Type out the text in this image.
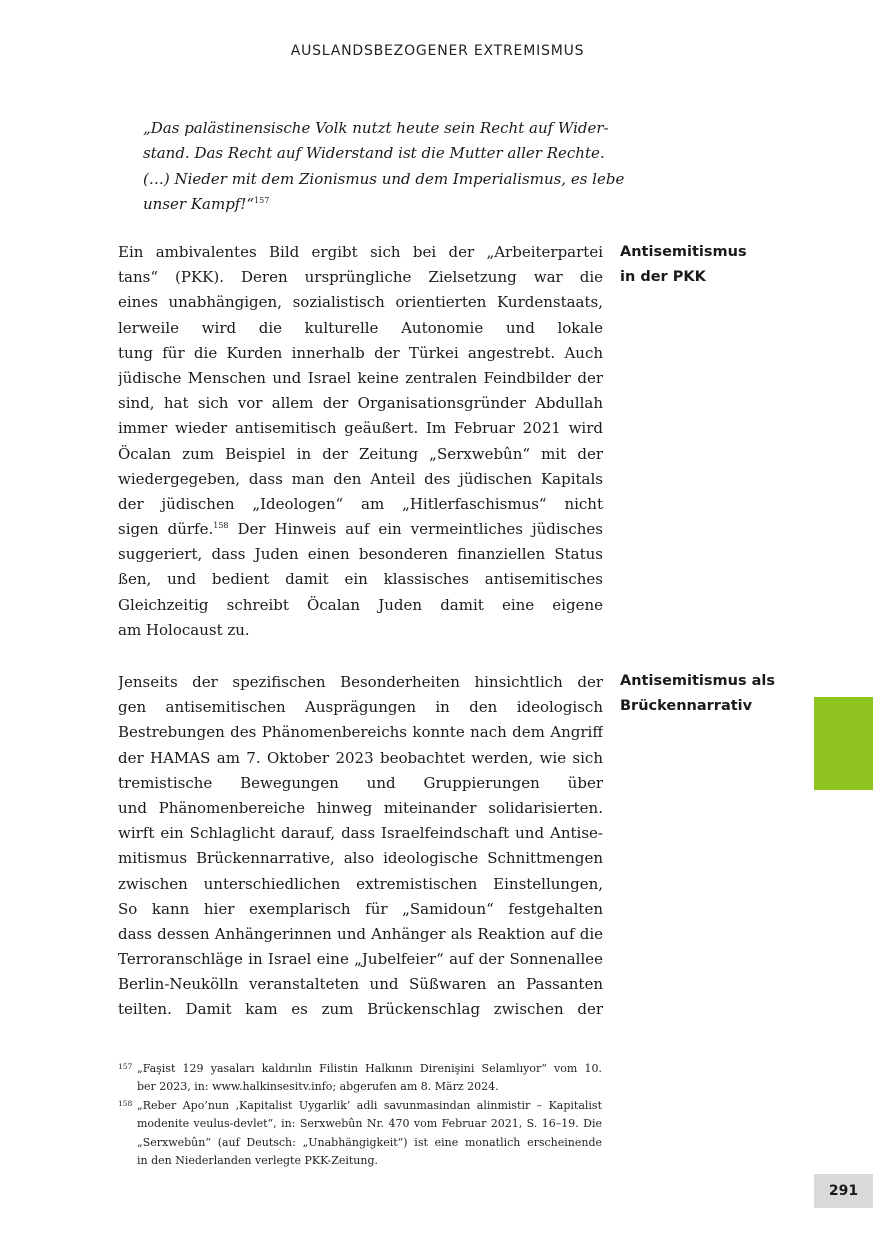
AUSLANDSBEZOGENER EXTREMISMUS
„Das palästinensische Volk nutzt heute sein Recht auf Wider-
stand. Das Recht auf Widerstand ist die Mutter aller Rechte.
(…) Nieder mit dem Zionismus und dem Imperialismus, es lebe
unser Kampf!“$^{157}$
Antisemitismus
in der PKK
Ein ambivalentes Bild ergibt sich bei der „Arbeiterpartei
tans“ (PKK). Deren ursprüngliche Zielsetzung war die
eines unabhängigen, sozialistisch orientierten Kurdenstaats,
lerweile wird die kulturelle Autonomie und lokale
tung für die Kurden innerhalb der Türkei angestrebt. Auch
jüdische Menschen und Israel keine zentralen Feindbilder der
sind, hat sich vor allem der Organisationsgründer Abdullah
immer wieder antisemitisch geäußert. Im Februar 2021 wird
Öcalan zum Beispiel in der Zeitung „Serxwebûn“ mit der
wiedergegeben, dass man den Anteil des jüdischen Kapitals
der jüdischen „Ideologen“ am „Hitlerfaschismus“ nicht
sigen dürfe.$^{158}$ Der Hinweis auf ein vermeintliches jüdisches
suggeriert, dass Juden einen besonderen finanziellen Status
ßen, und bedient damit ein klassisches antisemitisches
Gleichzeitig schreibt Öcalan Juden damit eine eigene
am Holocaust zu.
Antisemitismus als
Brückennarrativ
Jenseits der spezifischen Besonderheiten hinsichtlich der
gen antisemitischen Ausprägungen in den ideologisch
Bestrebungen des Phänomenbereichs konnte nach dem Angriff
der HAMAS am 7. Oktober 2023 beobachtet werden, wie sich
tremistische Bewegungen und Gruppierungen über
und Phänomenbereiche hinweg miteinander solidarisierten.
wirft ein Schlaglicht darauf, dass Israelfeindschaft und Antise-
mitismus Brückennarrative, also ideologische Schnittmengen
zwischen unterschiedlichen extremistischen Einstellungen,
So kann hier exemplarisch für „Samidoun“ festgehalten
dass dessen Anhängerinnen und Anhänger als Reaktion auf die
Terroranschläge in Israel eine „Jubelfeier“ auf der Sonnenallee
Berlin-Neukölln veranstalteten und Süßwaren an Passanten
teilten. Damit kam es zum Brückenschlag zwischen der
157 „Faşist 129 yasaları kaldırılın Filistin Halkının Direnişini Selamlıyor“ vom 10.
ber 2023, in: www.halkinsesitv.info; abgerufen am 8. März 2024.
158 „Reber Apo’nun ‚Kapitalist Uygarlik’ adli savunmasindan alinmistir – Kapitalist
modenite veulus-devlet“, in: Serxwebûn Nr. 470 vom Februar 2021, S. 16–19. Die
„Serxwebûn“ (auf Deutsch: „Unabhängigkeit“) ist eine monatlich erscheinende
in den Niederlanden verlegte PKK-Zeitung.
291
